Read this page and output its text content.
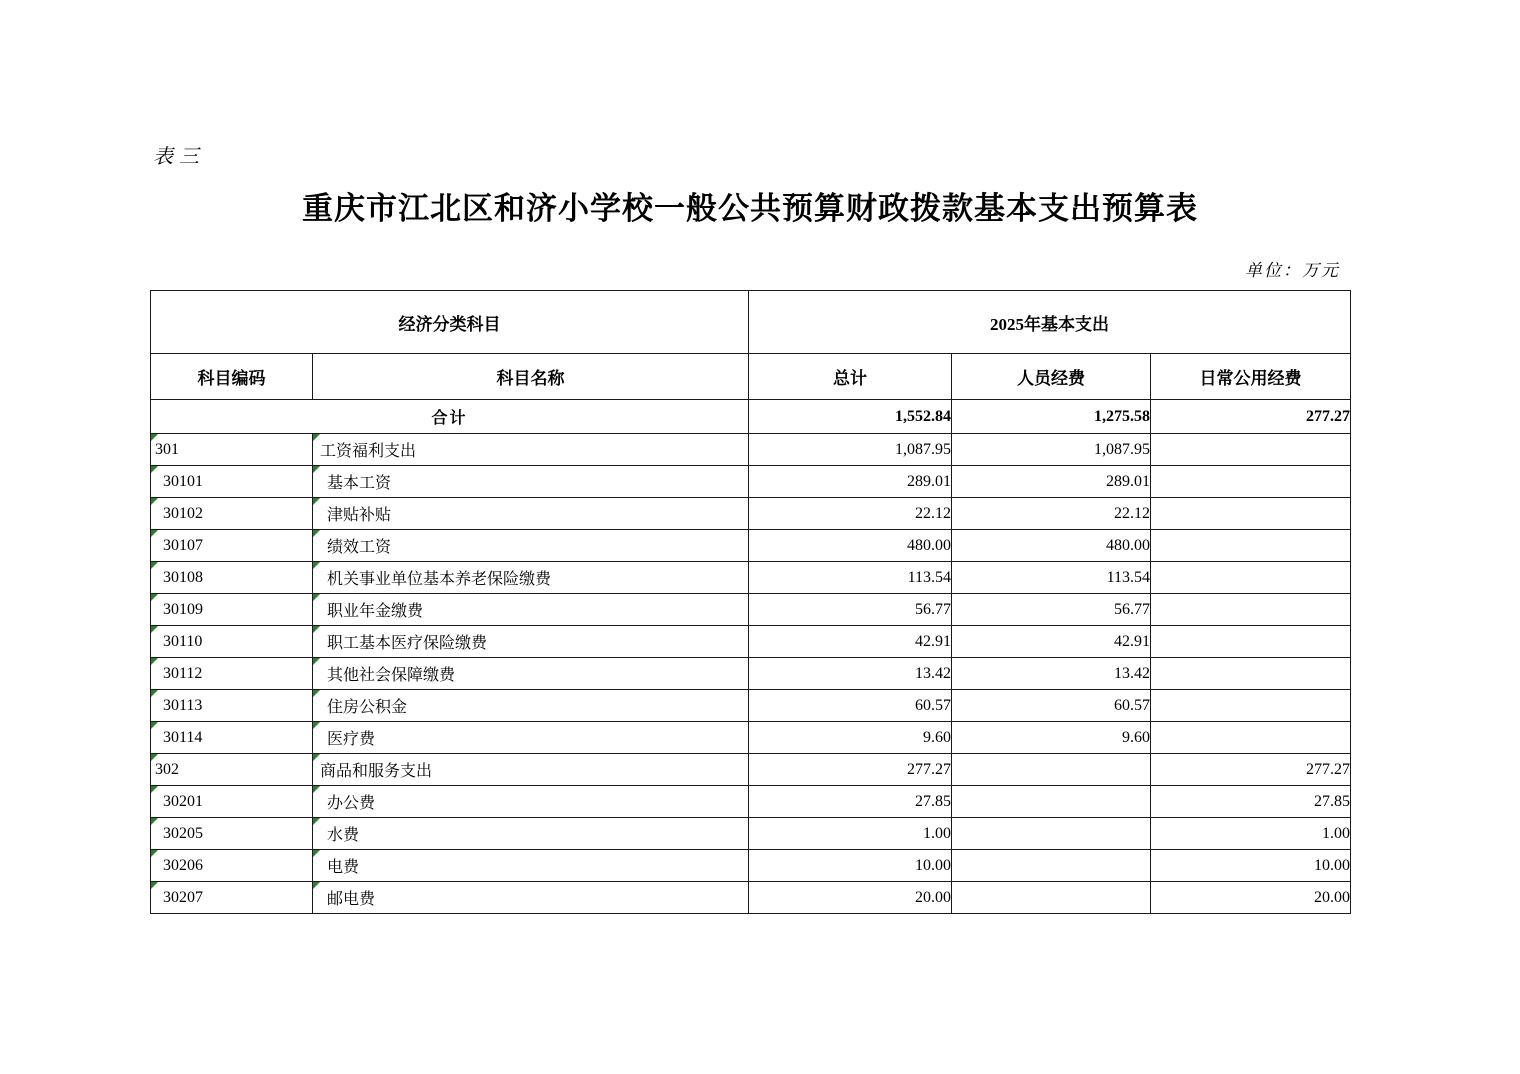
表三
重庆市江北区和济小学校一般公共预算财政拨款基本支出预算表
单位：万元
经济分类科目		2025年基本支出		
科目编码	科目名称	总计	人员经费	日常公用经费
合计		1,552.84	1,275.58	277.27

301	工资福利支出	1,087.95	1,087.95	

30101	基本工资	289.01	289.01	

30102	津贴补贴	22.12	22.12	

30107	绩效工资	480.00	480.00	

30108	机关事业单位基本养老保险缴费	113.54	113.54	

30109	职业年金缴费	56.77	56.77	

30110	职工基本医疗保险缴费	42.91	42.91	

30112	其他社会保障缴费	13.42	13.42	

30113	住房公积金	60.57	60.57	

30114	医疗费	9.60	9.60	

302	商品和服务支出	277.27		277.27

30201	办公费	27.85		27.85

30205	水费	1.00		1.00

30206	电费	10.00		10.00

30207	邮电费	20.00		20.00
